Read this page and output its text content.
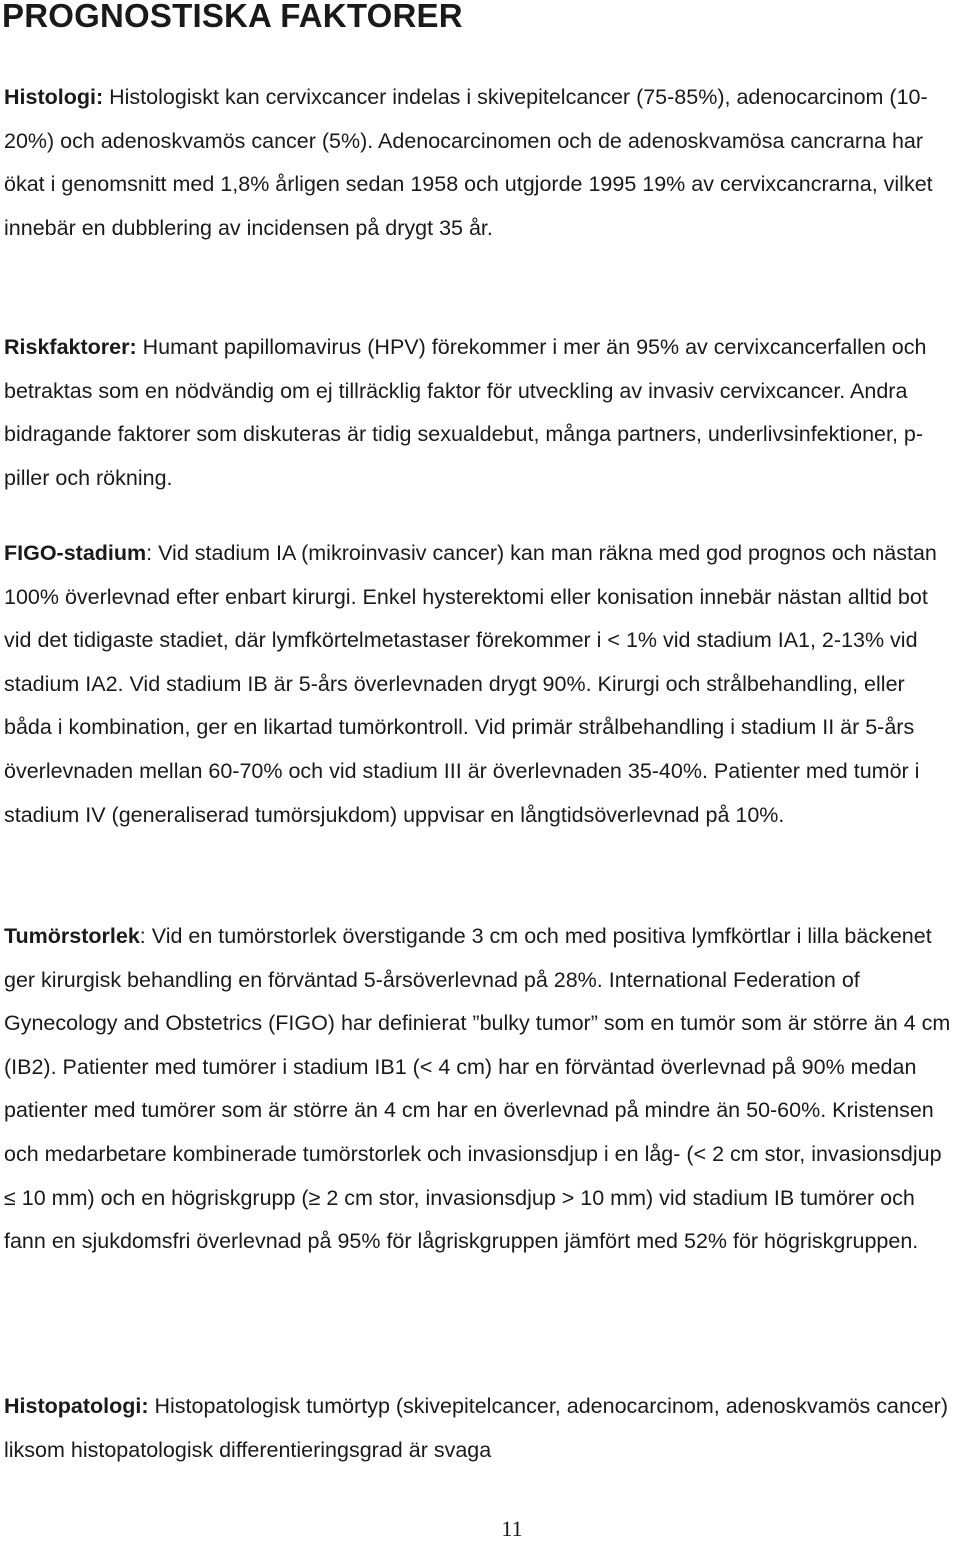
PROGNOSTISKA FAKTORER

Histologi: Histologiskt kan cervixcancer indelas i skivepitelcancer (75-85%), adenocarcinom (10-20%) och adenoskvamös cancer (5%). Adenocarcinomen och de adenoskvamösa cancrarna har ökat i genomsnitt med 1,8% årligen sedan 1958 och utgjorde 1995 19% av cervixcancrarna, vilket innebär en dubblering av incidensen på drygt 35 år.

Riskfaktorer: Humant papillomavirus (HPV) förekommer i mer än 95% av cervixcancerfallen och betraktas som en nödvändig om ej tillräcklig faktor för utveckling av invasiv cervixcancer. Andra bidragande faktorer som diskuteras är tidig sexualdebut, många partners, underlivsinfektioner, p-piller och rökning.

FIGO-stadium: Vid stadium IA (mikroinvasiv cancer) kan man räkna med god prognos och nästan 100% överlevnad efter enbart kirurgi. Enkel hysterektomi eller konisation innebär nästan alltid bot vid det tidigaste stadiet, där lymfkörtelmetastaser förekommer i < 1% vid stadium IA1, 2-13% vid stadium IA2. Vid stadium IB är 5-års överlevnaden drygt 90%. Kirurgi och strålbehandling, eller båda i kombination, ger en likartad tumörkontroll. Vid primär strålbehandling i stadium II är 5-års överlevnaden mellan 60-70% och vid stadium III är överlevnaden 35-40%. Patienter med tumör i stadium IV (generaliserad tumörsjukdom) uppvisar en långtidsöverlevnad på 10%.

Tumörstorlek: Vid en tumörstorlek överstigande 3 cm och med positiva lymfkörtlar i lilla bäckenet ger kirurgisk behandling en förväntad 5-årsöverlevnad på 28%. International Federation of Gynecology and Obstetrics (FIGO) har definierat ”bulky tumor” som en tumör som är större än 4 cm (IB2). Patienter med tumörer i stadium IB1 (< 4 cm) har en förväntad överlevnad på 90% medan patienter med tumörer som är större än 4 cm har en överlevnad på mindre än 50-60%. Kristensen och medarbetare kombinerade tumörstorlek och invasionsdjup i en låg- (< 2 cm stor, invasionsdjup ≤ 10 mm) och en högriskgrupp (≥ 2 cm stor, invasionsdjup > 10 mm) vid stadium IB tumörer och fann en sjukdomsfri överlevnad på 95% för lågriskgruppen jämfört med 52% för högriskgruppen.

Histopatologi: Histopatologisk tumörtyp (skivepitelcancer, adenocarcinom, adenoskvamös cancer) liksom histopatologisk differentieringsgrad är svaga

11
